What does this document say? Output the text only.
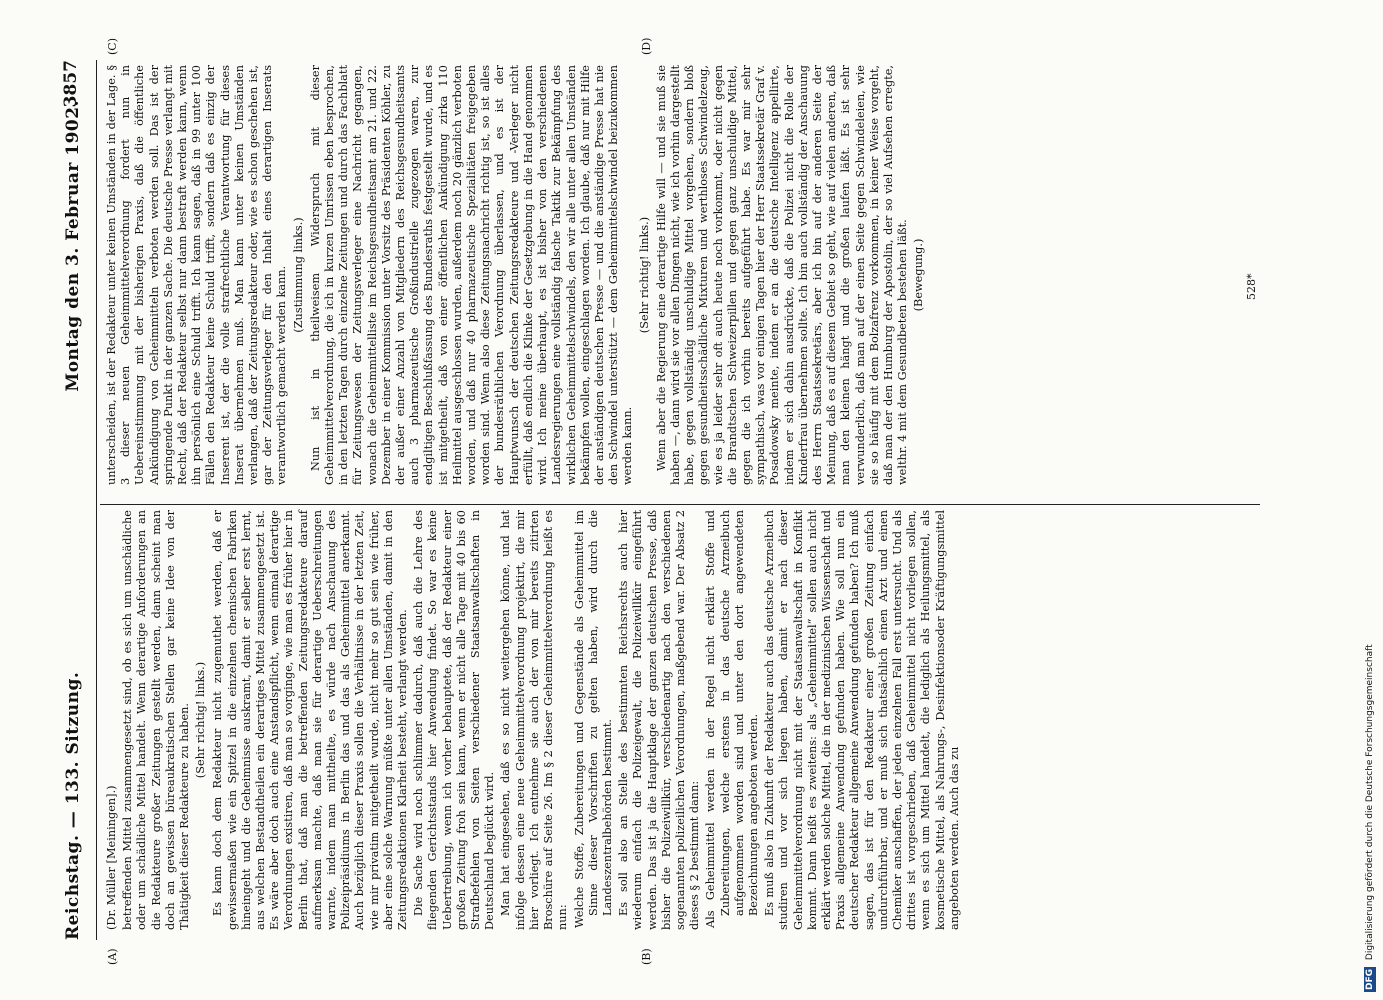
Reichstag. — 133. Sitzung.
Montag den 3. Februar 1902.
3857
(A)	(B)
(C)	(D)

(Dr. Müller [Meiningen].) betreffenden Mittel zusammengesetzt sind, ob es sich um unschädliche oder um schädliche Mittel handelt. Wenn derartige Anforderungen an die Redakteure großer Zeitungen gestellt werden, dann scheint man doch an gewissen büreaukratischen Stellen gar keine Idee von der Thätigkeit dieser Redakteure zu haben. (Sehr richtig! links.) Es kann doch dem Redakteur nicht zugemuthet werden, daß er gewissermaßen wie ein Spitzel in die einzelnen chemischen Fabriken hineingeht und die Geheimnisse auskramt, damit er selber erst lernt, aus welchen Bestandtheilen ein derartiges Mittel zusammengesetzt ist. Es wäre aber doch auch eine Anstandspflicht, wenn einmal derartige Verordnungen existiren, daß man so vorginge, wie man es früher hier in Berlin that, daß man die betreffenden Zeitungsredakteure darauf aufmerksam machte, daß man sie für derartige Ueberschreitungen warnte, indem man mittheilte, es würde nach Anschauung des Polizeipräsidiums in Berlin das und das als Geheimmittel anerkannt. Auch bezüglich dieser Praxis sollen die Verhältnisse in der letzten Zeit, wie mir privatim mitgetheilt wurde, nicht mehr so gut sein wie früher, aber eine solche Warnung müßte unter allen Umständen, damit in den Zeitungsredaktionen Klarheit besteht, verlangt werden. Die Sache wird noch schlimmer dadurch, daß auch die Lehre des fliegenden Gerichtsstands hier Anwendung findet. So war es keine Uebertreibung, wenn ich vorher behauptete, daß der Redakteur einer großen Zeitung froh sein kann, wenn er nicht alle Tage mit 40 bis 60 Strafbefehlen von Seiten verschiedener Staatsanwaltschaften in Deutschland beglückt wird. Man hat eingesehen, daß es so nicht weitergehen könne, und hat infolge dessen eine neue Geheimmittelverordnung projektirt, die mir hier vorliegt. Ich entnehme sie auch der von mir bereits zitirten Broschüre auf Seite 26. Im § 2 dieser Geheimmittelverordnung heißt es nun: Welche Stoffe, Zubereitungen und Gegenstände als Geheimmittel im Sinne dieser Vorschriften zu gelten haben, wird durch die Landeszentralbehörden bestimmt. Es soll also an Stelle des bestimmten Reichsrechts auch hier wiederum einfach die Polizeigewalt, die Polizeiwillkür eingeführt werden. Das ist ja die Hauptklage der ganzen deutschen Presse, daß bisher die Polizeiwillkür, verschiedenartig nach den verschiedenen sogenannten polizeilichen Verordnungen, maßgebend war. Der Absatz 2 dieses § 2 bestimmt dann: Als Geheimmittel werden in der Regel nicht erklärt Stoffe und Zubereitungen, welche erstens in das deutsche Arzneibuch aufgenommen worden sind und unter den dort angewendeten Bezeichnungen angeboten werden. Es muß also in Zukunft der Redakteur auch das deutsche Arzneibuch studiren und vor sich liegen haben, damit er nach dieser Geheimmittelverordnung nicht mit der Staatsanwaltschaft in Konflikt kommt. Dann heißt es zweitens: als „Geheimmittel“ sollen auch nicht erklärt werden solche Mittel, die in der medizinischen Wissenschaft und Praxis allgemeine Anwendung gefunden haben. Wie soll nun ein deutscher Redakteur allgemeine Anwendung gefunden haben? Ich muß sagen, das ist für den Redakteur einer großen Zeitung einfach undurchführbar, und er muß sich thatsächlich einen Arzt und einen Chemiker anschaffen, der jeden einzelnen Fall erst untersucht. Und als drittes ist vorgeschrieben, daß Geheimmittel nicht vorliegen sollen, wenn es sich um Mittel handelt, die lediglich als Heilungsmittel, als kosmetische Mittel, als Nahrungs-, Desinfektionsoder Kräftigungsmittel angeboten werden. Auch das zu

unterscheiden, ist der Redakteur unter keinen Umständen in der Lage. § 3 dieser neuen Geheimmittelverordnung fordert nun in Uebereinstimmung mit der bisherigen Praxis, daß die öffentliche Ankündigung von Geheimmitteln verboten werden soll. Das ist der springende Punkt in der ganzen Sache. Die deutsche Presse verlangt mit Recht, daß der Redakteur selbst nur dann bestraft werden kann, wenn ihn persönlich eine Schuld trifft. Ich kann sagen, daß in 99 unter 100 Fällen den Redakteur keine Schuld trifft, sondern daß es einzig der Inserent ist, der die volle strafrechtliche Verantwortung für dieses Inserat übernehmen muß. Man kann unter keinen Umständen verlangen, daß der Zeitungsredakteur oder, wie es schon geschehen ist, gar der Zeitungsverleger für den Inhalt eines derartigen Inserats verantwortlich gemacht werden kann. (Zustimmung links.) Nun ist in theilweisem Widerspruch mit dieser Geheimmittelverordnung, die ich in kurzen Umrissen eben besprochen, in den letzten Tagen durch einzelne Zeitungen und durch das Fachblatt für Zeitungswesen der Zeitungsverleger eine Nachricht gegangen, wonach die Geheimmittelliste im Reichsgesundheitsamt am 21. und 22. Dezember in einer Kommission unter Vorsitz des Präsidenten Köhler, zu der außer einer Anzahl von Mitgliedern des Reichsgesundheitsamts auch 3 pharmazeutische Großindustrielle zugezogen waren, zur endgiltigen Beschlußfassung des Bundesraths festgestellt wurde, und es ist mitgetheilt, daß von einer öffentlichen Ankündigung zirka 110 Heilmittel ausgeschlossen wurden, außerdem noch 20 gänzlich verboten worden, und daß nur 40 pharmazeutische Spezialitäten freigegeben worden sind. Wenn also diese Zeitungsnachricht richtig ist, so ist alles der bundesräthlichen Verordnung überlassen, und es ist der Hauptwunsch der deutschen Zeitungsredakteure und -Verleger nicht erfüllt, daß endlich die Klinke der Gesetzgebung in die Hand genommen wird. Ich meine überhaupt, es ist bisher von den verschiedenen Landesregierungen eine vollständig falsche Taktik zur Bekämpfung des wirklichen Geheimmittelschwindels, den wir alle unter allen Umständen bekämpfen wollen, eingeschlagen worden. Ich glaube, daß nur mit Hilfe der anständigen deutschen Presse — und die anständige Presse hat nie den Schwindel unterstützt — dem Geheimmittelschwindel beizukommen werden kann.

(Sehr richtig! links.) Wenn aber die Regierung eine derartige Hilfe will — und sie muß sie haben —, dann wird sie vor allen Dingen nicht, wie ich vorhin dargestellt habe, gegen vollständig unschuldige Mittel vorgehen, sondern bloß gegen gesundheitsschädliche Mixturen und werthloses Schwindelzeug, wie es ja leider sehr oft auch heute noch vorkommt, oder nicht gegen die Brandtschen Schweizerpillen und gegen ganz unschuldige Mittel, gegen die ich vorhin bereits aufgeführt habe. Es war mir sehr sympathisch, was vor einigen Tagen hier der Herr Staatssekretär Graf v. Posadowsky meinte, indem er an die deutsche Intelligenz appellirte, indem er sich dahin ausdrückte, daß die Polizei nicht die Rolle der Kinderfrau übernehmen sollte. Ich bin auch vollständig der Anschauung des Herrn Staatssekretärs, aber ich bin auf der anderen Seite der Meinung, daß es auf diesem Gebiet so geht, wie auf vielen anderen, daß man den kleinen hängt und die großen laufen läßt. Es ist sehr verwunderlich, daß man auf der einen Seite gegen Schwindeleien, wie sie so häufig mit dem Bolzafrenz vorkommen, in keiner Weise vorgeht, daß man der den Humburg der Apostolin, der so viel Aufsehen erregte, welthr. 4 mit dem Gesundbeten bestehen läßt. (Bewegung.)	528*
DFG Digitalisierung gefördert durch die Deutsche Forschungsgemeinschaft
